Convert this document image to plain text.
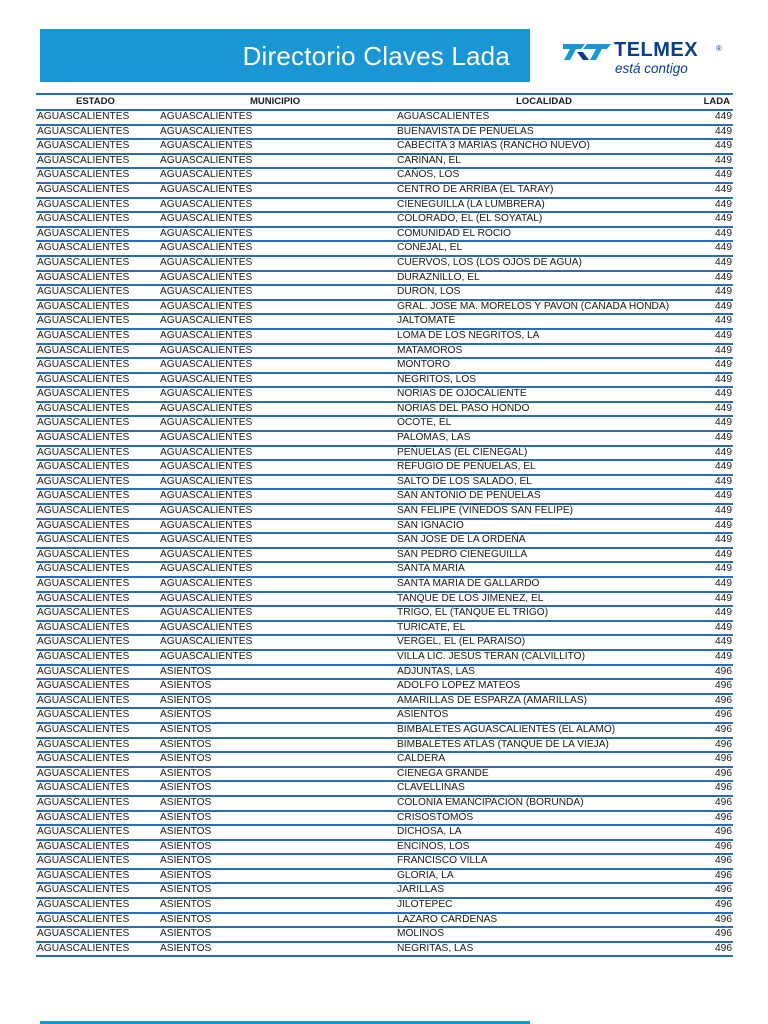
Directorio Claves Lada	TELMEX ®
está contigo
ESTADO	MUNICIPIO	LOCALIDAD	LADA
AGUASCALIENTES	AGUASCALIENTES	AGUASCALIENTES	449
AGUASCALIENTES	AGUASCALIENTES	BUENAVISTA DE PEÑUELAS	449
AGUASCALIENTES	AGUASCALIENTES	CABECITA 3 MARIAS (RANCHO NUEVO)	449
AGUASCALIENTES	AGUASCALIENTES	CARIÑAN, EL	449
AGUASCALIENTES	AGUASCALIENTES	CAÑOS, LOS	449
AGUASCALIENTES	AGUASCALIENTES	CENTRO DE ARRIBA (EL TARAY)	449
AGUASCALIENTES	AGUASCALIENTES	CIENEGUILLA (LA LUMBRERA)	449
AGUASCALIENTES	AGUASCALIENTES	COLORADO, EL (EL SOYATAL)	449
AGUASCALIENTES	AGUASCALIENTES	COMUNIDAD EL ROCIO	449
AGUASCALIENTES	AGUASCALIENTES	CONEJAL, EL	449
AGUASCALIENTES	AGUASCALIENTES	CUERVOS, LOS (LOS OJOS DE AGUA)	449
AGUASCALIENTES	AGUASCALIENTES	DURAZNILLO, EL	449
AGUASCALIENTES	AGUASCALIENTES	DURON, LOS	449
AGUASCALIENTES	AGUASCALIENTES	GRAL. JOSE MA. MORELOS Y PAVON (CAÑADA HONDA)	449
AGUASCALIENTES	AGUASCALIENTES	JALTOMATE	449
AGUASCALIENTES	AGUASCALIENTES	LOMA DE LOS NEGRITOS, LA	449
AGUASCALIENTES	AGUASCALIENTES	MATAMOROS	449
AGUASCALIENTES	AGUASCALIENTES	MONTORO	449
AGUASCALIENTES	AGUASCALIENTES	NEGRITOS, LOS	449
AGUASCALIENTES	AGUASCALIENTES	NORIAS DE OJOCALIENTE	449
AGUASCALIENTES	AGUASCALIENTES	NORIAS DEL PASO HONDO	449
AGUASCALIENTES	AGUASCALIENTES	OCOTE, EL	449
AGUASCALIENTES	AGUASCALIENTES	PALOMAS, LAS	449
AGUASCALIENTES	AGUASCALIENTES	PEÑUELAS (EL CIENEGAL)	449
AGUASCALIENTES	AGUASCALIENTES	REFUGIO DE PEÑUELAS, EL	449
AGUASCALIENTES	AGUASCALIENTES	SALTO DE LOS SALADO, EL	449
AGUASCALIENTES	AGUASCALIENTES	SAN ANTONIO DE PEÑUELAS	449
AGUASCALIENTES	AGUASCALIENTES	SAN FELIPE (VIÑEDOS SAN FELIPE)	449
AGUASCALIENTES	AGUASCALIENTES	SAN IGNACIO	449
AGUASCALIENTES	AGUASCALIENTES	SAN JOSE DE LA ORDEÑA	449
AGUASCALIENTES	AGUASCALIENTES	SAN PEDRO CIENEGUILLA	449
AGUASCALIENTES	AGUASCALIENTES	SANTA MARIA	449
AGUASCALIENTES	AGUASCALIENTES	SANTA MARIA DE GALLARDO	449
AGUASCALIENTES	AGUASCALIENTES	TANQUE DE LOS JIMENEZ, EL	449
AGUASCALIENTES	AGUASCALIENTES	TRIGO, EL (TANQUE EL TRIGO)	449
AGUASCALIENTES	AGUASCALIENTES	TURICATE, EL	449
AGUASCALIENTES	AGUASCALIENTES	VERGEL, EL (EL PARAISO)	449
AGUASCALIENTES	AGUASCALIENTES	VILLA LIC. JESUS TERAN (CALVILLITO)	449
AGUASCALIENTES	ASIENTOS	ADJUNTAS, LAS	496
AGUASCALIENTES	ASIENTOS	ADOLFO LOPEZ MATEOS	496
AGUASCALIENTES	ASIENTOS	AMARILLAS DE ESPARZA (AMARILLAS)	496
AGUASCALIENTES	ASIENTOS	ASIENTOS	496
AGUASCALIENTES	ASIENTOS	BIMBALETES AGUASCALIENTES (EL ALAMO)	496
AGUASCALIENTES	ASIENTOS	BIMBALETES ATLAS (TANQUE DE LA VIEJA)	496
AGUASCALIENTES	ASIENTOS	CALDERA	496
AGUASCALIENTES	ASIENTOS	CIENEGA GRANDE	496
AGUASCALIENTES	ASIENTOS	CLAVELLINAS	496
AGUASCALIENTES	ASIENTOS	COLONIA EMANCIPACION (BORUNDA)	496
AGUASCALIENTES	ASIENTOS	CRISOSTOMOS	496
AGUASCALIENTES	ASIENTOS	DICHOSA, LA	496
AGUASCALIENTES	ASIENTOS	ENCINOS, LOS	496
AGUASCALIENTES	ASIENTOS	FRANCISCO VILLA	496
AGUASCALIENTES	ASIENTOS	GLORIA, LA	496
AGUASCALIENTES	ASIENTOS	JARILLAS	496
AGUASCALIENTES	ASIENTOS	JILOTEPEC	496
AGUASCALIENTES	ASIENTOS	LAZARO CARDENAS	496
AGUASCALIENTES	ASIENTOS	MOLINOS	496
AGUASCALIENTES	ASIENTOS	NEGRITAS, LAS	496
